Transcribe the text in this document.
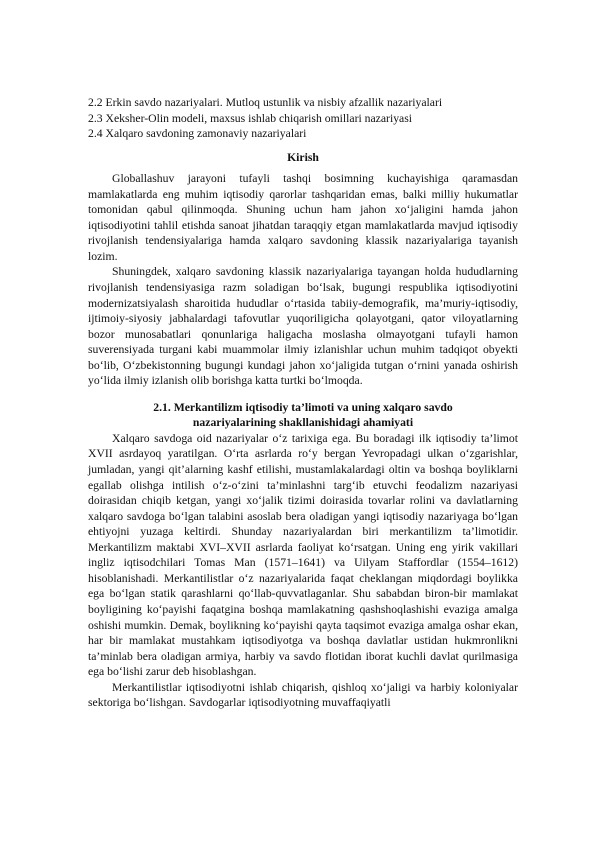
2.2 Erkin savdo nazariyalari. Mutloq ustunlik va nisbiy afzallik nazariyalari

2.3 Xeksher-Olin modeli, maxsus ishlab chiqarish omillari nazariyasi

2.4 Xalqaro savdoning zamonaviy nazariyalari

Kirish

Globallashuv jarayoni tufayli tashqi bosimning kuchayishiga qaramasdan mamlakatlarda eng muhim iqtisodiy qarorlar tashqaridan emas, balki milliy hukumatlar tomonidan qabul qilinmoqda. Shuning uchun ham jahon xo‘jaligini hamda jahon iqtisodiyotini tahlil etishda sanoat jihatdan taraqqiy etgan mamlakatlarda mavjud iqtisodiy rivojlanish tendensiyalariga hamda xalqaro savdoning klassik nazariyalariga tayanish lozim.

Shuningdek, xalqaro savdoning klassik nazariyalariga tayangan holda hududlarning rivojlanish tendensiyasiga razm soladigan bo‘lsak, bugungi respublika iqtisodiyotini modernizatsiyalash sharoitida hududlar o‘rtasida tabiiy-demografik, ma’muriy-iqtisodiy, ijtimoiy-siyosiy jabhalardagi tafovutlar yuqoriligicha qolayotgani, qator viloyatlarning bozor munosabatlari qonunlariga haligacha moslasha olmayotgani tufayli hamon suverensiyada turgani kabi muammolar ilmiy izlanishlar uchun muhim tadqiqot obyekti bo‘lib, O‘zbekistonning bugungi kundagi jahon xo‘jaligida tutgan o‘rnini yanada oshirish yo‘lida ilmiy izlanish olib borishga katta turtki bo‘lmoqda.

2.1. Merkantilizm iqtisodiy ta’limoti va uning xalqaro savdo
nazariyalarining shakllanishidagi ahamiyati

Xalqaro savdoga oid nazariyalar o‘z tarixiga ega. Bu boradagi ilk iqtisodiy ta’limot XVII asrdayoq yaratilgan. O‘rta asrlarda ro‘y bergan Yevropadagi ulkan o‘zgarishlar, jumladan, yangi qit’alarning kashf etilishi, mustamlakalardagi oltin va boshqa boyliklarni egallab olishga intilish o‘z-o‘zini ta’minlashni targ‘ib etuvchi feodalizm nazariyasi doirasidan chiqib ketgan, yangi xo‘jalik tizimi doirasida tovarlar rolini va davlatlarning xalqaro savdoga bo‘lgan talabini asoslab bera oladigan yangi iqtisodiy nazariyaga bo‘lgan ehtiyojni yuzaga keltirdi. Shunday nazariyalardan biri merkantilizm ta’limotidir. Merkantilizm maktabi XVI–XVII asrlarda faoliyat ko‘rsatgan. Uning eng yirik vakillari ingliz iqtisodchilari Tomas Man (1571–1641) va Uilyam Staffordlar (1554–1612) hisoblanishadi. Merkantilistlar o‘z nazariyalarida faqat cheklangan miqdordagi boylikka ega bo‘lgan statik qarashlarni qo‘llab-quvvatlaganlar. Shu sababdan biron-bir mamlakat boyligining ko‘payishi faqatgina boshqa mamlakatning qashshoqlashishi evaziga amalga oshishi mumkin. Demak, boylikning ko‘payishi qayta taqsimot evaziga amalga oshar ekan, har bir mamlakat mustahkam iqtisodiyotga va boshqa davlatlar ustidan hukmronlikni ta’minlab bera oladigan armiya, harbiy va savdo flotidan iborat kuchli davlat qurilmasiga ega bo‘lishi zarur deb hisoblashgan.

Merkantilistlar iqtisodiyotni ishlab chiqarish, qishloq xo‘jaligi va harbiy koloniyalar sektoriga bo‘lishgan. Savdogarlar iqtisodiyotning muvaffaqiyatli
